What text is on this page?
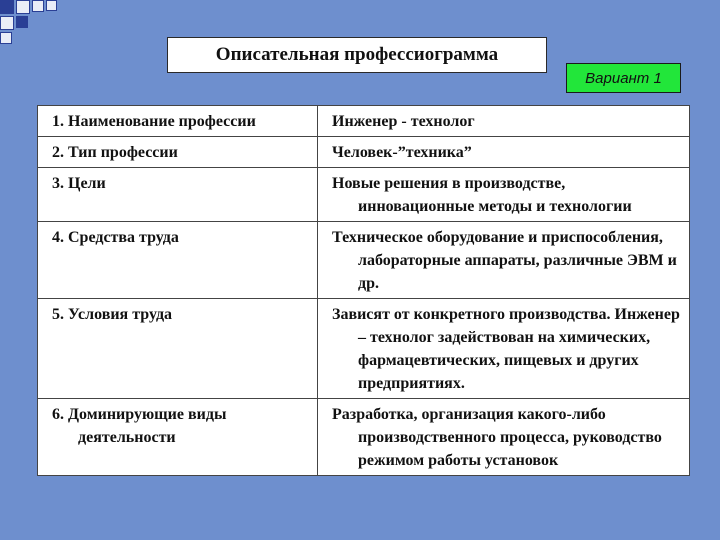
Описательная профессиограмма
Вариант 1
1. Наименование профессии	Инженер - технолог

2. Тип профессии	Человек-”техника”

3. Цели	Новые решения в производстве, инновационные методы и технологии

4. Средства труда	Техническое оборудование и приспособления, лабораторные аппараты, различные ЭВМ и др.

5. Условия труда	Зависят от конкретного производства. Инженер – технолог задействован на химических, фармацевтических, пищевых и других предприятиях.

6. Доминирующие виды деятельности	Разработка, организация какого-либо производственного процесса, руководство режимом работы установок
